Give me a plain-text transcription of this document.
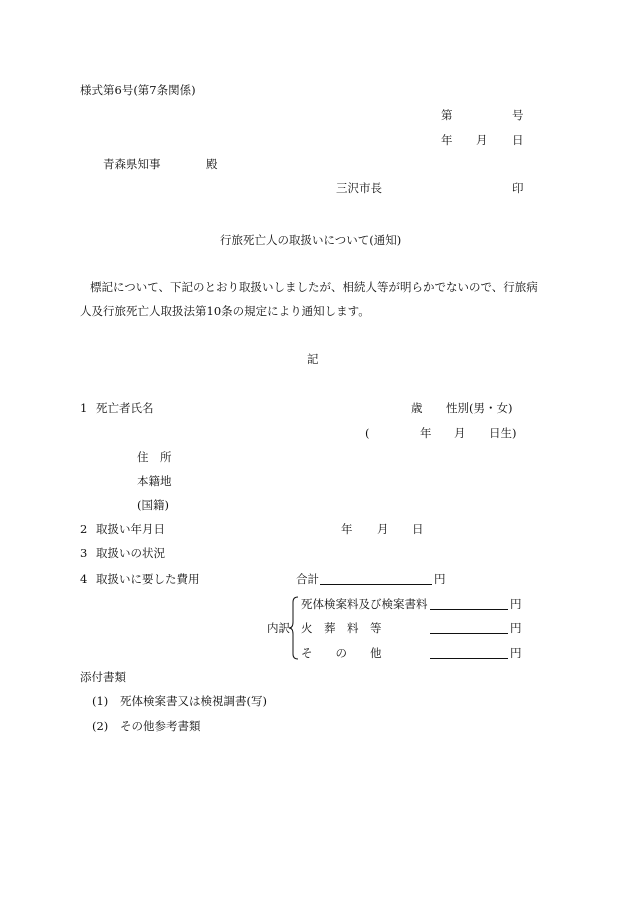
様式第6号(第7条関係)
第	号
年 月 日
青森県知事	殿
三沢市長	印
行旅死亡人の取扱いについて(通知)
標記について、下記のとおり取扱いしましたが、相続人等が明らかでないので、行旅病
人及行旅死亡人取扱法第10条の規定により通知します。
記
1 死亡者氏名	歳 性別(男・女)
(	年 月 日生)
住　所
本籍地
(国籍)
2 取扱い年月日	年 月 日
3 取扱いの状況
4 取扱いに要した費用	合計	円
内訳
死体検案料及び検案書料	円
火　葬　料　等	円
そ　　の　　他	円
添付書類
(1) 死体検案書又は検視調書(写)
(2) その他参考書類
